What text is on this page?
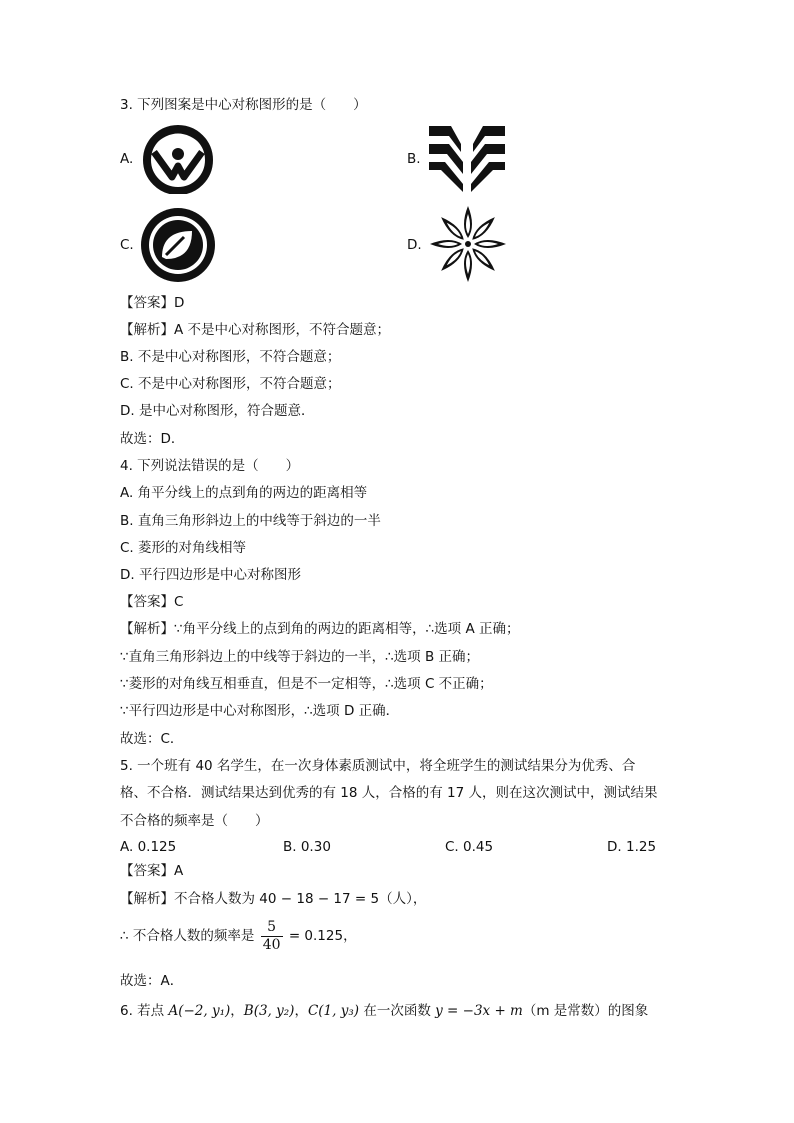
3. 下列图案是中心对称图形的是（　　）
A.	B.
C.	D.
【答案】D
【解析】A 不是中心对称图形，不符合题意；
B. 不是中心对称图形，不符合题意；
C. 不是中心对称图形，不符合题意；
D. 是中心对称图形，符合题意．
故选：D．
4. 下列说法错误的是（　　）
A. 角平分线上的点到角的两边的距离相等
B. 直角三角形斜边上的中线等于斜边的一半
C. 菱形的对角线相等
D. 平行四边形是中心对称图形
【答案】C
【解析】∵角平分线上的点到角的两边的距离相等，∴选项 A 正确；
∵直角三角形斜边上的中线等于斜边的一半，∴选项 B 正确；
∵菱形的对角线互相垂直，但是不一定相等，∴选项 C 不正确；
∵平行四边形是中心对称图形，∴选项 D 正确．
故选：C．
5. 一个班有 40 名学生，在一次身体素质测试中，将全班学生的测试结果分为优秀、合
格、不合格．测试结果达到优秀的有 18 人，合格的有 17 人，则在这次测试中，测试结果
不合格的频率是（　　）
A. 0.125	B. 0.30	C. 0.45	D. 1.25
【答案】A
【解析】不合格人数为 40 − 18 − 17 = 5（人），
∴ 不合格人数的频率是 $\frac{5}{40} = 0.125$，
故选：A．
6. 若点 A(−2, y₁)，B(3, y₂)，C(1, y₃) 在一次函数 y = −3x + m（m 是常数）的图象
